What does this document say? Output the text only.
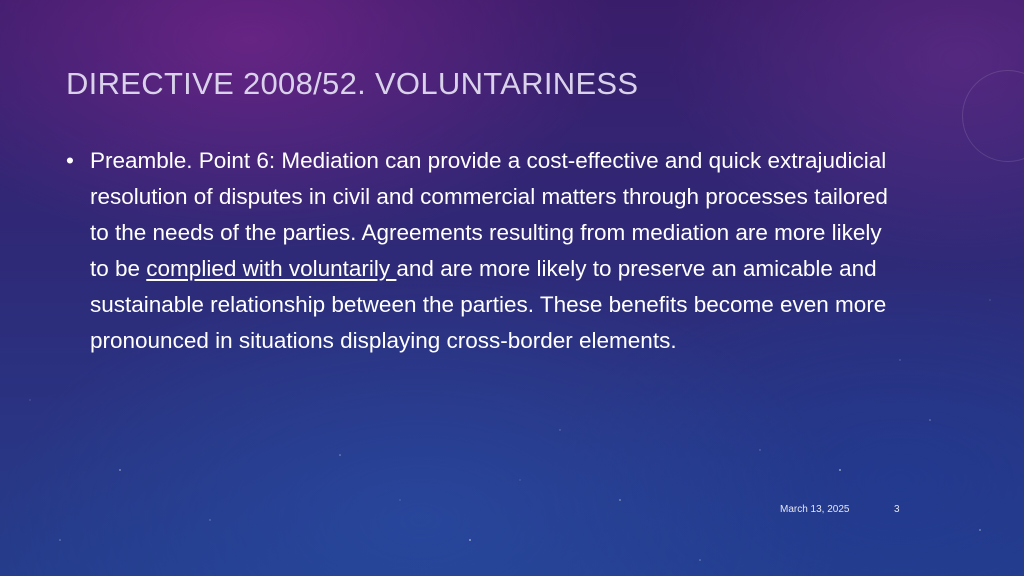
DIRECTIVE 2008/52. VOLUNTARINESS
• Preamble. Point 6: Mediation can provide a cost-effective and quick extrajudicial resolution of disputes in civil and commercial matters through processes tailored to the needs of the parties. Agreements resulting from mediation are more likely to be complied with voluntarily and are more likely to preserve an amicable and sustainable relationship between the parties. These benefits become even more pronounced in situations displaying cross-border elements.
March 13, 2025	3
